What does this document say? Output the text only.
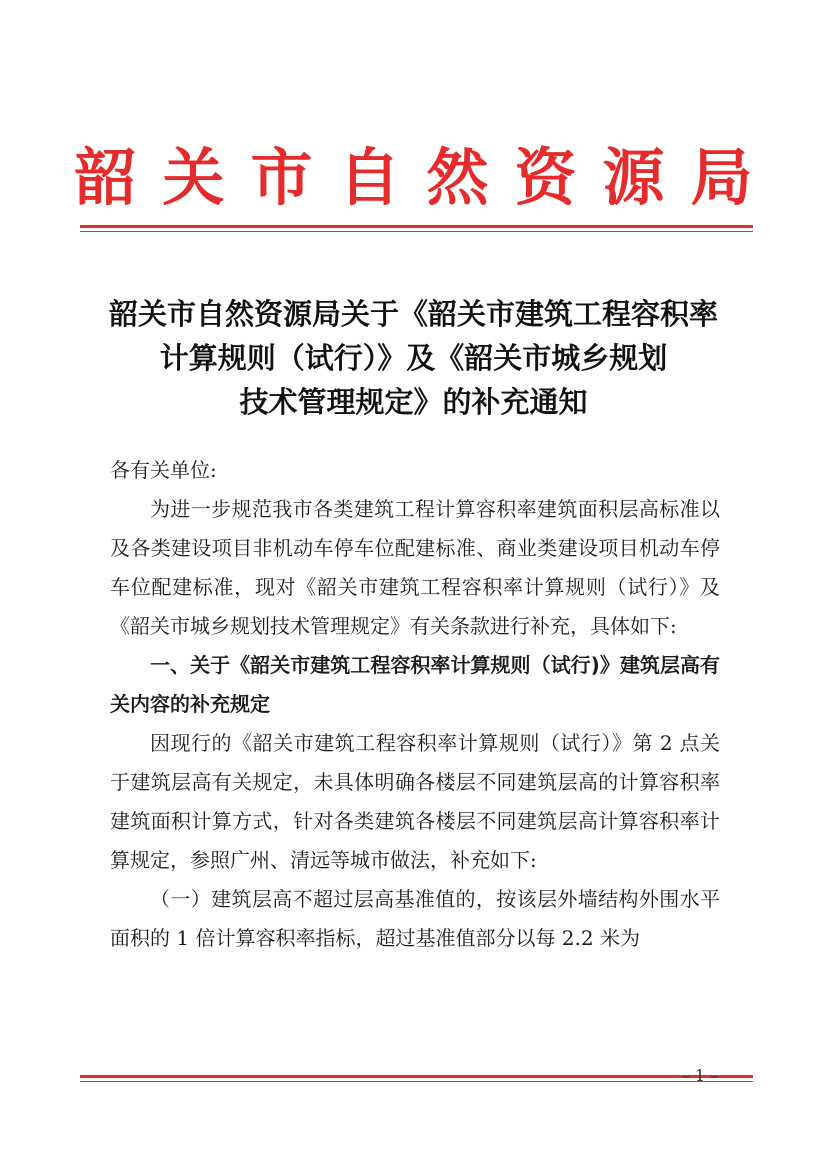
韶关市自然资源局
韶关市自然资源局关于《韶关市建筑工程容积率
计算规则（试行）》及《韶关市城乡规划
技术管理规定》的补充通知

各有关单位:

为进一步规范我市各类建筑工程计算容积率建筑面积层高标准以及各类建设项目非机动车停车位配建标准、商业类建设项目机动车停车位配建标准，现对《韶关市建筑工程容积率计算规则（试行）》及《韶关市城乡规划技术管理规定》有关条款进行补充，具体如下:

一、关于《韶关市建筑工程容积率计算规则（试行)》建筑层高有关内容的补充规定

因现行的《韶关市建筑工程容积率计算规则（试行）》第 2 点关于建筑层高有关规定，未具体明确各楼层不同建筑层高的计算容积率建筑面积计算方式，针对各类建筑各楼层不同建筑层高计算容积率计算规定，参照广州、清远等城市做法，补充如下:

（一）建筑层高不超过层高基准值的，按该层外墙结构外围水平面积的 1 倍计算容积率指标，超过基准值部分以每 2.2 米为

– 1 –
